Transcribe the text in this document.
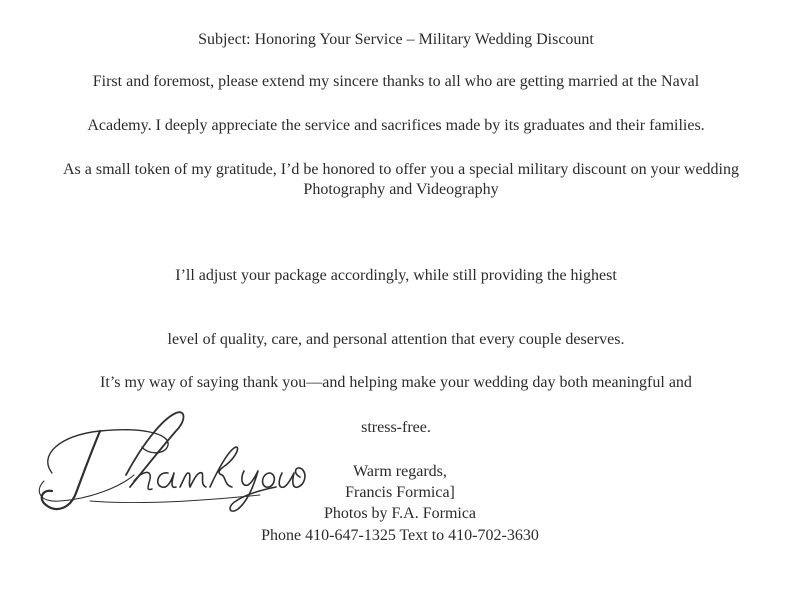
Subject: Honoring Your Service – Military Wedding Discount
First and foremost, please extend my sincere thanks to all who are getting married at the Naval
Academy. I deeply appreciate the service and sacrifices made by its graduates and their families.
As a small token of my gratitude, I’d be honored to offer you a special military discount on your wedding Photography and Videography
I’ll adjust your package accordingly, while still providing the highest
level of quality, care, and personal attention that every couple deserves.
It’s my way of saying thank you—and helping make your wedding day both meaningful and
stress-free.
Warm regards,
Francis Formica]
Photos by F.A. Formica
Phone 410-647-1325 Text to 410-702-3630
